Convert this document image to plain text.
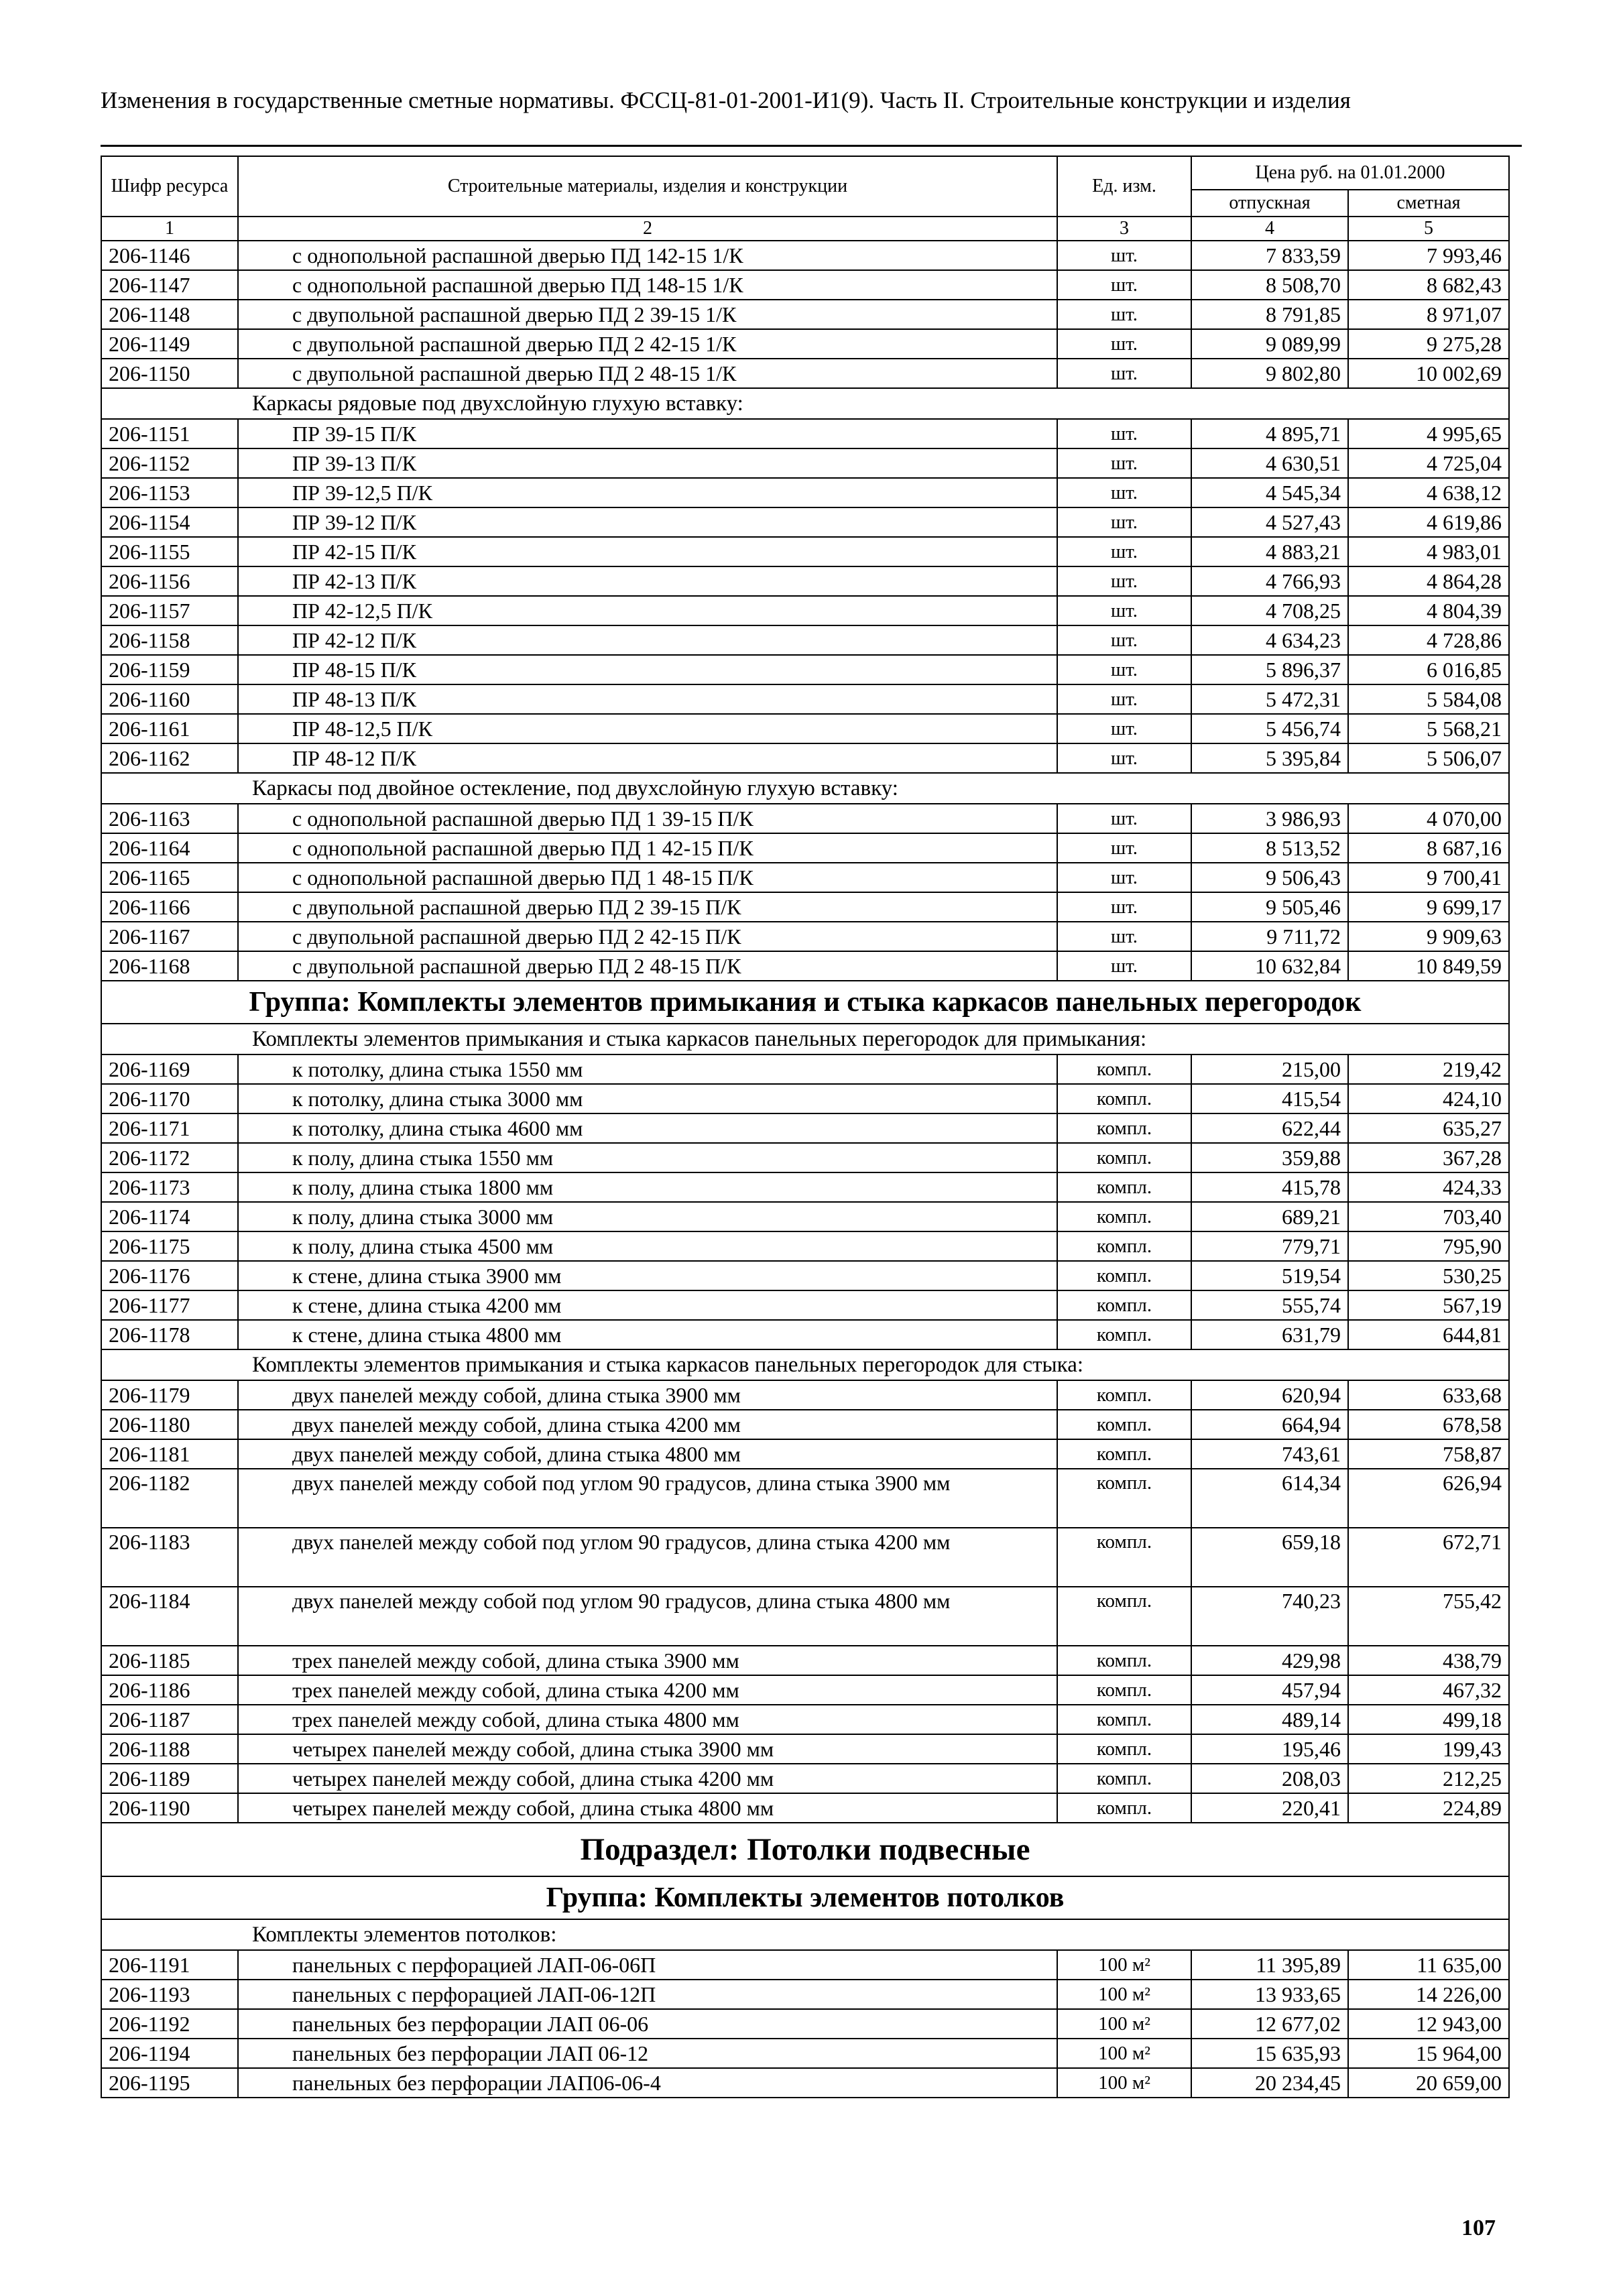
Изменения в государственные сметные нормативы. ФССЦ-81-01-2001-И1(9). Часть II. Строительные конструкции и изделия
Шифр ресурса	Строительные материалы, изделия и конструкции	Ед. изм.	Цена руб. на 01.01.2000	
			отпускная	сметная
1	2	3	4	5
206-1146	с однопольной распашной дверью ПД 142-15 1/К	шт.	7 833,59	7 993,46
206-1147	с однопольной распашной дверью ПД 148-15 1/К	шт.	8 508,70	8 682,43
206-1148	с двупольной распашной дверью ПД 2 39-15 1/К	шт.	8 791,85	8 971,07
206-1149	с двупольной распашной дверью ПД 2 42-15 1/К	шт.	9 089,99	9 275,28
206-1150	с двупольной распашной дверью ПД 2 48-15 1/К	шт.	9 802,80	10 002,69
Каркасы рядовые под двухслойную глухую вставку:				
206-1151	ПР 39-15 П/К	шт.	4 895,71	4 995,65
206-1152	ПР 39-13 П/К	шт.	4 630,51	4 725,04
206-1153	ПР 39-12,5 П/К	шт.	4 545,34	4 638,12
206-1154	ПР 39-12 П/К	шт.	4 527,43	4 619,86
206-1155	ПР 42-15 П/К	шт.	4 883,21	4 983,01
206-1156	ПР 42-13 П/К	шт.	4 766,93	4 864,28
206-1157	ПР 42-12,5 П/К	шт.	4 708,25	4 804,39
206-1158	ПР 42-12 П/К	шт.	4 634,23	4 728,86
206-1159	ПР 48-15 П/К	шт.	5 896,37	6 016,85
206-1160	ПР 48-13 П/К	шт.	5 472,31	5 584,08
206-1161	ПР 48-12,5 П/К	шт.	5 456,74	5 568,21
206-1162	ПР 48-12 П/К	шт.	5 395,84	5 506,07
Каркасы под двойное остекление, под двухслойную глухую вставку:				
206-1163	с однопольной распашной дверью ПД 1 39-15 П/К	шт.	3 986,93	4 070,00
206-1164	с однопольной распашной дверью ПД 1 42-15 П/К	шт.	8 513,52	8 687,16
206-1165	с однопольной распашной дверью ПД 1 48-15 П/К	шт.	9 506,43	9 700,41
206-1166	с двупольной распашной дверью ПД 2 39-15 П/К	шт.	9 505,46	9 699,17
206-1167	с двупольной распашной дверью ПД 2 42-15 П/К	шт.	9 711,72	9 909,63
206-1168	с двупольной распашной дверью ПД 2 48-15 П/К	шт.	10 632,84	10 849,59
Группа: Комплекты элементов примыкания и стыка каркасов панельных перегородок				
Комплекты элементов примыкания и стыка каркасов панельных перегородок для примыкания:				
206-1169	к потолку, длина стыка 1550 мм	компл.	215,00	219,42
206-1170	к потолку, длина стыка 3000 мм	компл.	415,54	424,10
206-1171	к потолку, длина стыка 4600 мм	компл.	622,44	635,27
206-1172	к полу, длина стыка 1550 мм	компл.	359,88	367,28
206-1173	к полу, длина стыка 1800 мм	компл.	415,78	424,33
206-1174	к полу, длина стыка 3000 мм	компл.	689,21	703,40
206-1175	к полу, длина стыка 4500 мм	компл.	779,71	795,90
206-1176	к стене, длина стыка 3900 мм	компл.	519,54	530,25
206-1177	к стене, длина стыка 4200 мм	компл.	555,74	567,19
206-1178	к стене, длина стыка 4800 мм	компл.	631,79	644,81
Комплекты элементов примыкания и стыка каркасов панельных перегородок для стыка:				
206-1179	двух панелей между собой, длина стыка 3900 мм	компл.	620,94	633,68
206-1180	двух панелей между собой, длина стыка 4200 мм	компл.	664,94	678,58
206-1181	двух панелей между собой, длина стыка 4800 мм	компл.	743,61	758,87
206-1182	двух панелей между собой под углом 90 градусов, длина стыка 3900 мм	компл.	614,34	626,94
206-1183	двух панелей между собой под углом 90 градусов, длина стыка 4200 мм	компл.	659,18	672,71
206-1184	двух панелей между собой под углом 90 градусов, длина стыка 4800 мм	компл.	740,23	755,42
206-1185	трех панелей между собой, длина стыка 3900 мм	компл.	429,98	438,79
206-1186	трех панелей между собой, длина стыка 4200 мм	компл.	457,94	467,32
206-1187	трех панелей между собой, длина стыка 4800 мм	компл.	489,14	499,18
206-1188	четырех панелей между собой, длина стыка 3900 мм	компл.	195,46	199,43
206-1189	четырех панелей между собой, длина стыка 4200 мм	компл.	208,03	212,25
206-1190	четырех панелей между собой, длина стыка 4800 мм	компл.	220,41	224,89
Подраздел: Потолки подвесные				
Группа: Комплекты элементов потолков				
Комплекты элементов потолков:				
206-1191	панельных с перфорацией ЛАП-06-06П	100 м²	11 395,89	11 635,00
206-1193	панельных с перфорацией ЛАП-06-12П	100 м²	13 933,65	14 226,00
206-1192	панельных без перфорации ЛАП 06-06	100 м²	12 677,02	12 943,00
206-1194	панельных без перфорации ЛАП 06-12	100 м²	15 635,93	15 964,00
206-1195	панельных без перфорации ЛАП06-06-4	100 м²	20 234,45	20 659,00
107
